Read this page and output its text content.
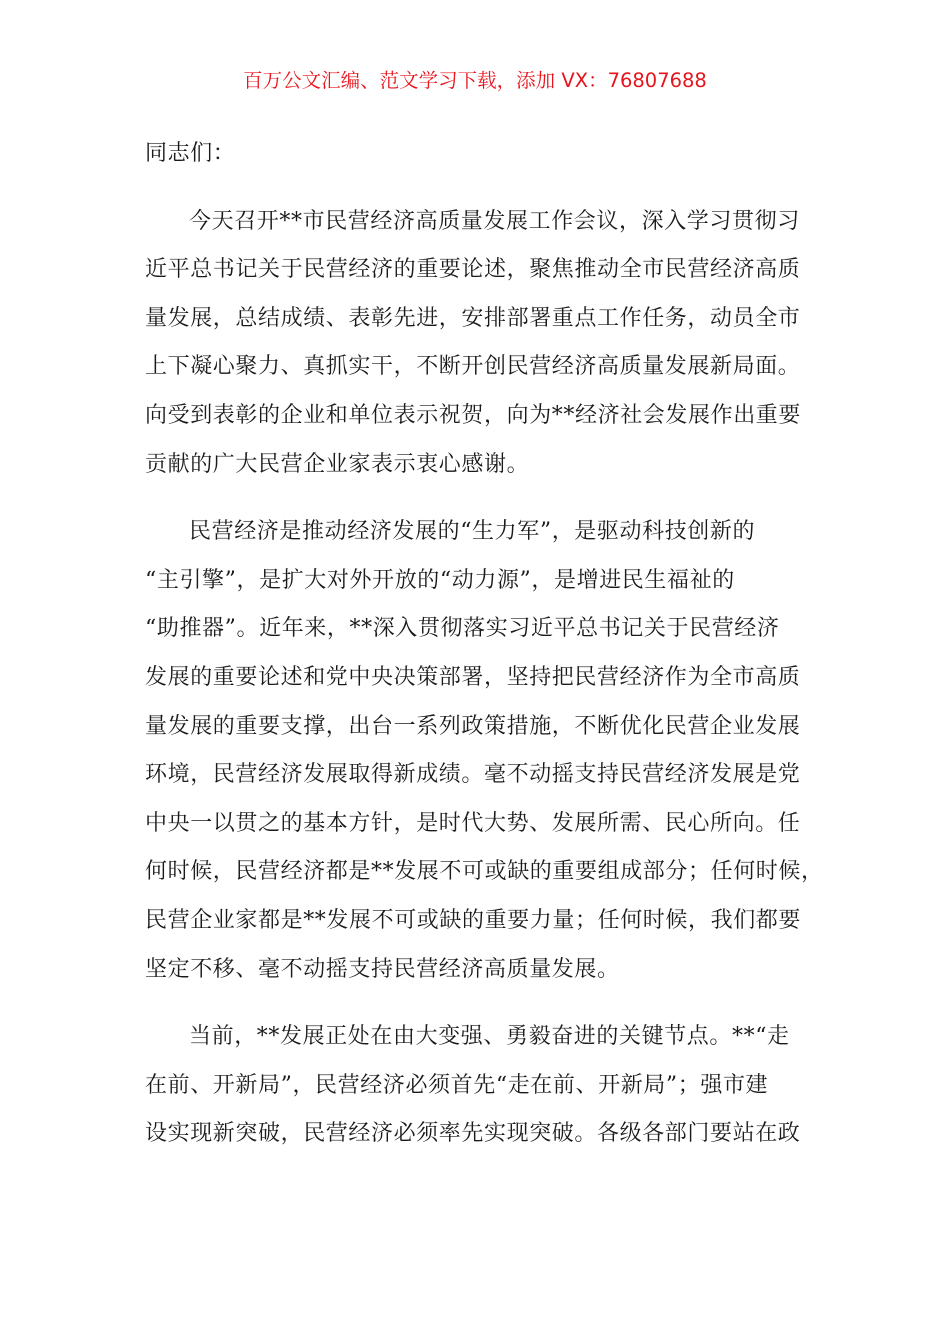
百万公文汇编、范文学习下载，添加 VX：76807688
同志们：
今天召开**市民营经济高质量发展工作会议，深入学习贯彻习
近平总书记关于民营经济的重要论述，聚焦推动全市民营经济高质
量发展，总结成绩、表彰先进，安排部署重点工作任务，动员全市
上下凝心聚力、真抓实干，不断开创民营经济高质量发展新局面。
向受到表彰的企业和单位表示祝贺，向为**经济社会发展作出重要
贡献的广大民营企业家表示衷心感谢。
民营经济是推动经济发展的“生力军”，是驱动科技创新的
“主引擎”，是扩大对外开放的“动力源”，是增进民生福祉的
“助推器”。近年来，**深入贯彻落实习近平总书记关于民营经济
发展的重要论述和党中央决策部署，坚持把民营经济作为全市高质
量发展的重要支撑，出台一系列政策措施，不断优化民营企业发展
环境，民营经济发展取得新成绩。毫不动摇支持民营经济发展是党
中央一以贯之的基本方针，是时代大势、发展所需、民心所向。任
何时候，民营经济都是**发展不可或缺的重要组成部分；任何时候，
民营企业家都是**发展不可或缺的重要力量；任何时候，我们都要
坚定不移、毫不动摇支持民营经济高质量发展。
当前，**发展正处在由大变强、勇毅奋进的关键节点。**“走
在前、开新局”，民营经济必须首先“走在前、开新局”；强市建
设实现新突破，民营经济必须率先实现突破。各级各部门要站在政
